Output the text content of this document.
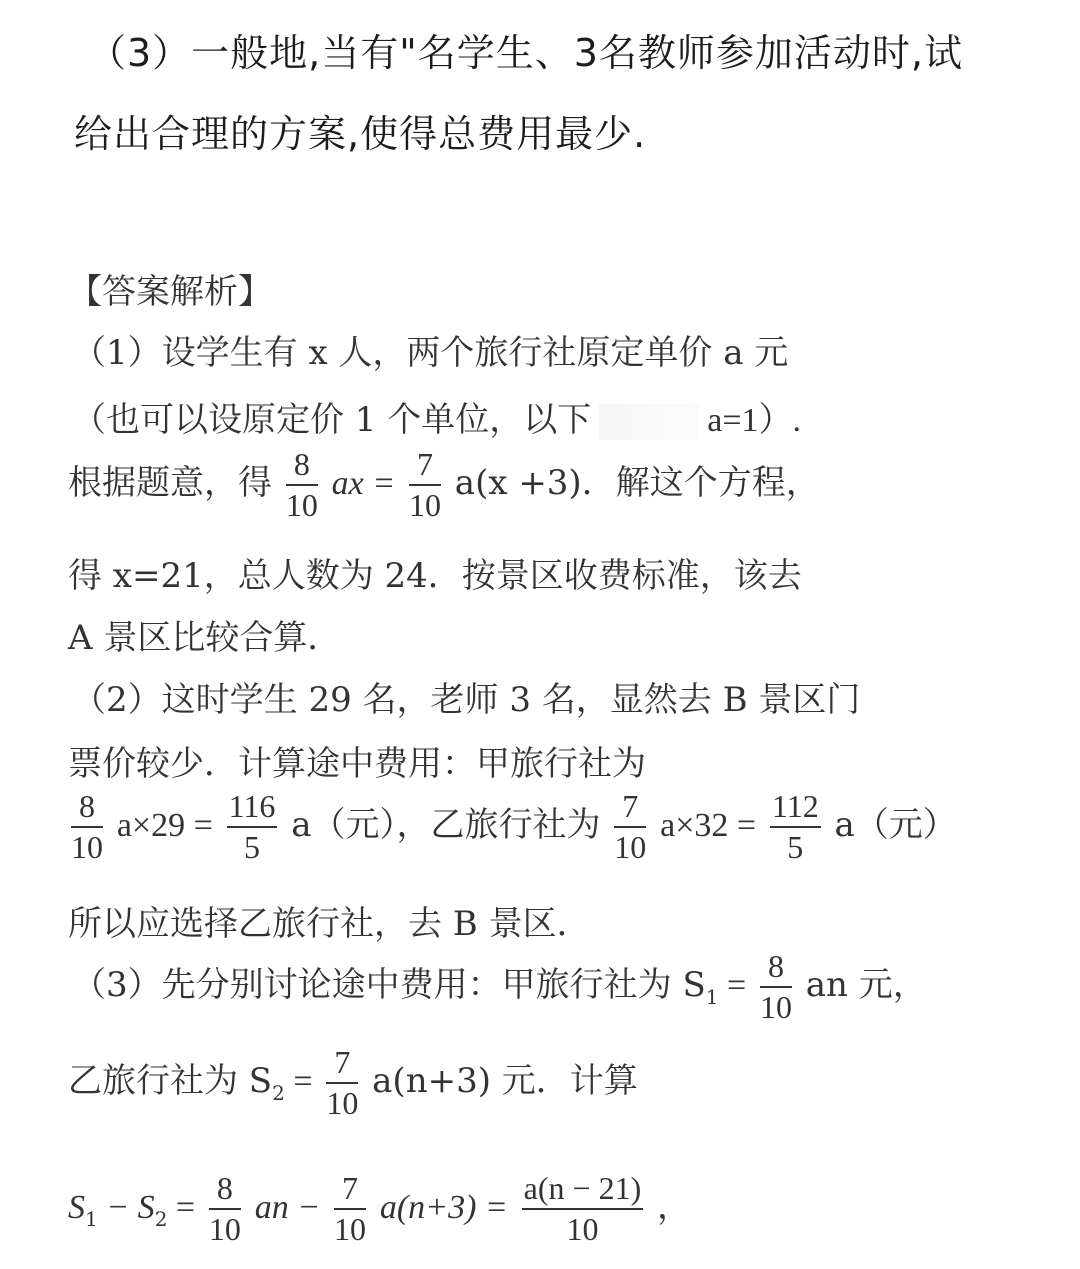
（3）一般地,当有"名学生、3名教师参加活动时,试
给出合理的方案,使得总费用最少.
【答案解析】
（1）设学生有 x 人，两个旅行社原定单价 a 元
（也可以设原定价 1 个单位，以下	a=1）.
根据题意，得 $\frac{8}{10}$ ax = $\frac{7}{10} a(x +3)$．解这个方程，
得 x=21，总人数为 24．按景区收费标准，该去
A 景区比较合算．
（2）这时学生 29 名，老师 3 名，显然去 B 景区门
票价较少．计算途中费用：甲旅行社为
$\frac{8}{10} a\times 29 = \frac{116}{5} a$（元），乙旅行社为 $\frac{7}{10} a\times 32 = \frac{112}{5} a$（元）
所以应选择乙旅行社，去 B 景区．
（3）先分别讨论途中费用：甲旅行社为 $S_1 = \frac{8}{10}$ an 元，
乙旅行社为 $S_2 = \frac{7}{10} a(n+3)$ 元．计算
$S_1 - S_2 = \frac{8}{10}$ an − $\frac{7}{10} a(n+3) = \frac{a(n - 21)}{10}$ ，
